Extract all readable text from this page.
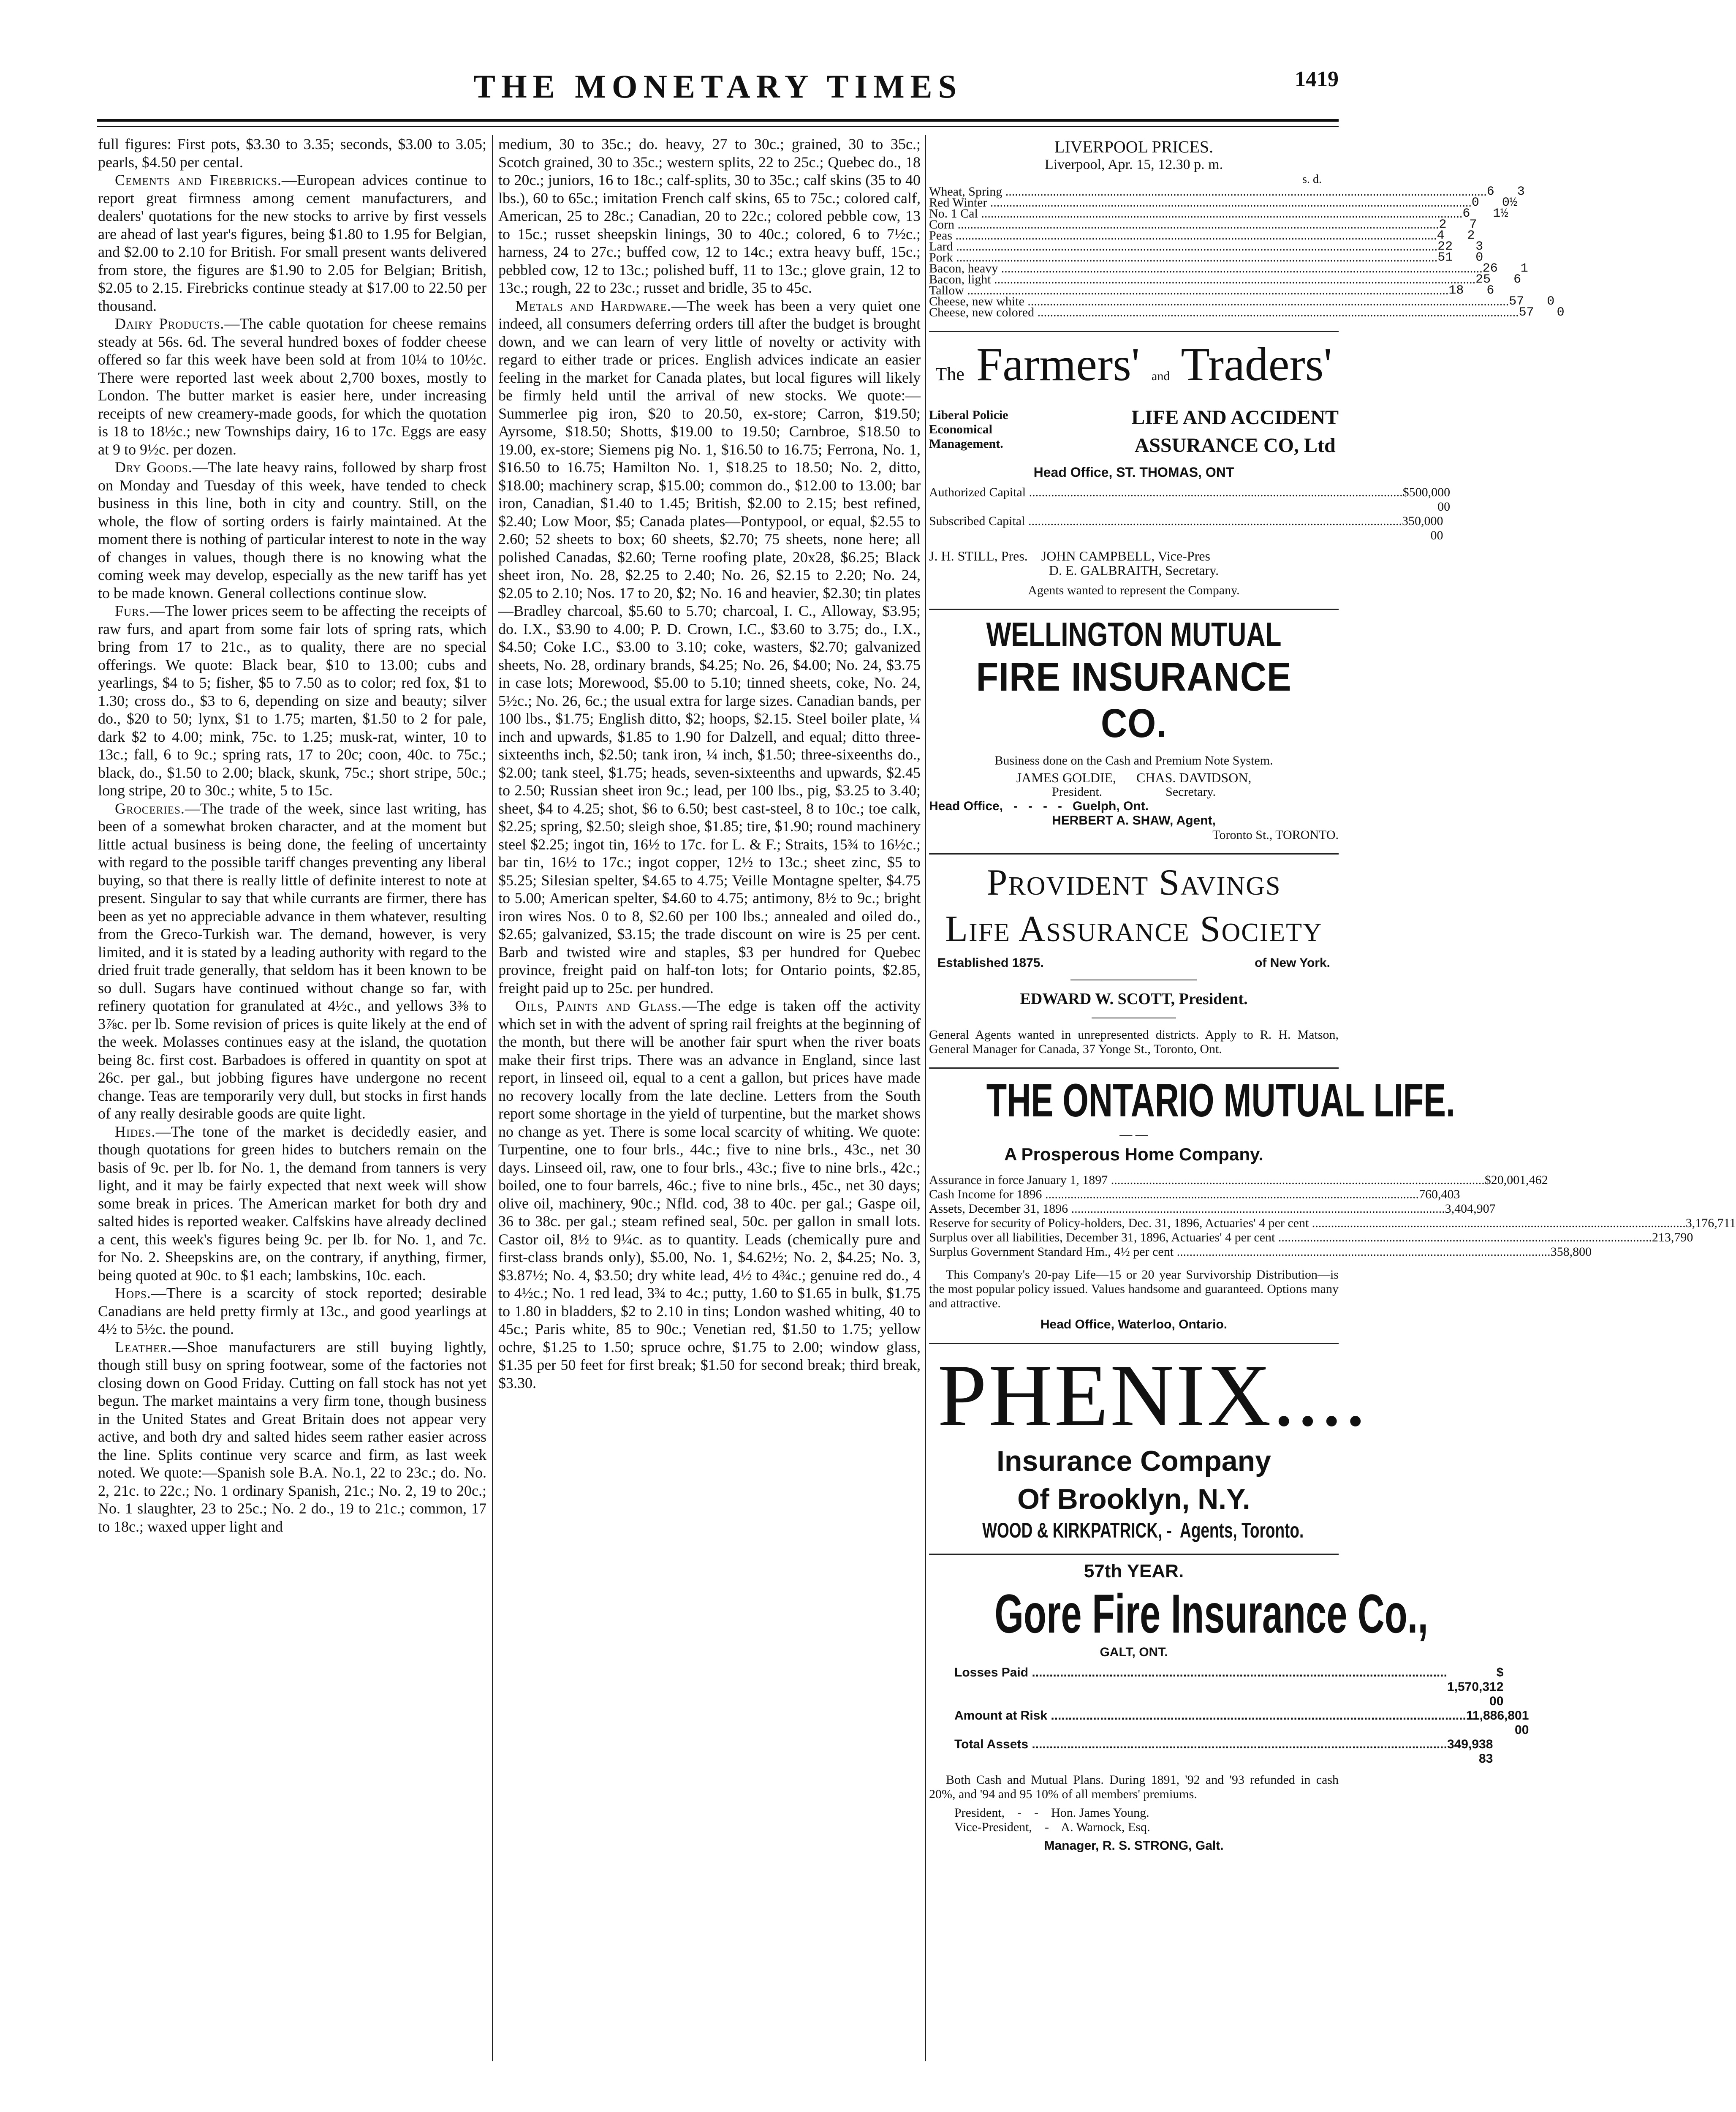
THE MONETARY TIMES	1419

full figures: First pots, $3.30 to 3.35; seconds, $3.00 to 3.05; pearls, $4.50 per cental.

Cements and Firebricks.—European advices continue to report great firmness among cement manufacturers, and dealers' quotations for the new stocks to arrive by first vessels are ahead of last year's figures, being $1.80 to 1.95 for Belgian, and $2.00 to 2.10 for British. For small present wants delivered from store, the figures are $1.90 to 2.05 for Belgian; British, $2.05 to 2.15. Firebricks continue steady at $17.00 to 22.50 per thousand.

Dairy Products.—The cable quotation for cheese remains steady at 56s. 6d. The several hundred boxes of fodder cheese offered so far this week have been sold at from 10¼ to 10½c. There were reported last week about 2,700 boxes, mostly to London. The butter market is easier here, under increasing receipts of new creamery-made goods, for which the quotation is 18 to 18½c.; new Townships dairy, 16 to 17c. Eggs are easy at 9 to 9½c. per dozen.

Dry Goods.—The late heavy rains, followed by sharp frost on Monday and Tuesday of this week, have tended to check business in this line, both in city and country. Still, on the whole, the flow of sorting orders is fairly maintained. At the moment there is nothing of particular interest to note in the way of changes in values, though there is no knowing what the coming week may develop, especially as the new tariff has yet to be made known. General collections continue slow.

Furs.—The lower prices seem to be affecting the receipts of raw furs, and apart from some fair lots of spring rats, which bring from 17 to 21c., as to quality, there are no special offerings. We quote: Black bear, $10 to 13.00; cubs and yearlings, $4 to 5; fisher, $5 to 7.50 as to color; red fox, $1 to 1.30; cross do., $3 to 6, depending on size and beauty; silver do., $20 to 50; lynx, $1 to 1.75; marten, $1.50 to 2 for pale, dark $2 to 4.00; mink, 75c. to 1.25; musk-rat, winter, 10 to 13c.; fall, 6 to 9c.; spring rats, 17 to 20c; coon, 40c. to 75c.; black, do., $1.50 to 2.00; black, skunk, 75c.; short stripe, 50c.; long stripe, 20 to 30c.; white, 5 to 15c.

Groceries.—The trade of the week, since last writing, has been of a somewhat broken character, and at the moment but little actual business is being done, the feeling of uncertainty with regard to the possible tariff changes preventing any liberal buying, so that there is really little of definite interest to note at present. Singular to say that while currants are firmer, there has been as yet no appreciable advance in them whatever, resulting from the Greco-Turkish war. The demand, however, is very limited, and it is stated by a leading authority with regard to the dried fruit trade generally, that seldom has it been known to be so dull. Sugars have continued without change so far, with refinery quotation for granulated at 4½c., and yellows 3⅜ to 3⅞c. per lb. Some revision of prices is quite likely at the end of the week. Molasses continues easy at the island, the quotation being 8c. first cost. Barbadoes is offered in quantity on spot at 26c. per gal., but jobbing figures have undergone no recent change. Teas are temporarily very dull, but stocks in first hands of any really desirable goods are quite light.

Hides.—The tone of the market is decidedly easier, and though quotations for green hides to butchers remain on the basis of 9c. per lb. for No. 1, the demand from tanners is very light, and it may be fairly expected that next week will show some break in prices. The American market for both dry and salted hides is reported weaker. Calfskins have already declined a cent, this week's figures being 9c. per lb. for No. 1, and 7c. for No. 2. Sheepskins are, on the contrary, if anything, firmer, being quoted at 90c. to $1 each; lambskins, 10c. each.

Hops.—There is a scarcity of stock reported; desirable Canadians are held pretty firmly at 13c., and good yearlings at 4½ to 5½c. the pound.

Leather.—Shoe manufacturers are still buying lightly, though still busy on spring footwear, some of the factories not closing down on Good Friday. Cutting on fall stock has not yet begun. The market maintains a very firm tone, though business in the United States and Great Britain does not appear very active, and both dry and salted hides seem rather easier across the line. Splits continue very scarce and firm, as last week noted. We quote:—Spanish sole B.A. No.1, 22 to 23c.; do. No. 2, 21c. to 22c.; No. 1 ordinary Spanish, 21c.; No. 2, 19 to 20c.; No. 1 slaughter, 23 to 25c.; No. 2 do., 19 to 21c.; common, 17 to 18c.; waxed upper light and

medium, 30 to 35c.; do. heavy, 27 to 30c.; grained, 30 to 35c.; Scotch grained, 30 to 35c.; western splits, 22 to 25c.; Quebec do., 18 to 20c.; juniors, 16 to 18c.; calf-splits, 30 to 35c.; calf skins (35 to 40 lbs.), 60 to 65c.; imitation French calf skins, 65 to 75c.; colored calf, American, 25 to 28c.; Canadian, 20 to 22c.; colored pebble cow, 13 to 15c.; russet sheepskin linings, 30 to 40c.; colored, 6 to 7½c.; harness, 24 to 27c.; buffed cow, 12 to 14c.; extra heavy buff, 15c.; pebbled cow, 12 to 13c.; polished buff, 11 to 13c.; glove grain, 12 to 13c.; rough, 22 to 23c.; russet and bridle, 35 to 45c.

Metals and Hardware.—The week has been a very quiet one indeed, all consumers deferring orders till after the budget is brought down, and we can learn of very little of novelty or activity with regard to either trade or prices. English advices indicate an easier feeling in the market for Canada plates, but local figures will likely be firmly held until the arrival of new stocks. We quote:—Summerlee pig iron, $20 to 20.50, ex-store; Carron, $19.50; Ayrsome, $18.50; Shotts, $19.00 to 19.50; Carnbroe, $18.50 to 19.00, ex-store; Siemens pig No. 1, $16.50 to 16.75; Ferrona, No. 1, $16.50 to 16.75; Hamilton No. 1, $18.25 to 18.50; No. 2, ditto, $18.00; machinery scrap, $15.00; common do., $12.00 to 13.00; bar iron, Canadian, $1.40 to 1.45; British, $2.00 to 2.15; best refined, $2.40; Low Moor, $5; Canada plates—Pontypool, or equal, $2.55 to 2.60; 52 sheets to box; 60 sheets, $2.70; 75 sheets, none here; all polished Canadas, $2.60; Terne roofing plate, 20x28, $6.25; Black sheet iron, No. 28, $2.25 to 2.40; No. 26, $2.15 to 2.20; No. 24, $2.05 to 2.10; Nos. 17 to 20, $2; No. 16 and heavier, $2.30; tin plates—Bradley charcoal, $5.60 to 5.70; charcoal, I. C., Alloway, $3.95; do. I.X., $3.90 to 4.00; P. D. Crown, I.C., $3.60 to 3.75; do., I.X., $4.50; Coke I.C., $3.00 to 3.10; coke, wasters, $2.70; galvanized sheets, No. 28, ordinary brands, $4.25; No. 26, $4.00; No. 24, $3.75 in case lots; Morewood, $5.00 to 5.10; tinned sheets, coke, No. 24, 5½c.; No. 26, 6c.; the usual extra for large sizes. Canadian bands, per 100 lbs., $1.75; English ditto, $2; hoops, $2.15. Steel boiler plate, ¼ inch and upwards, $1.85 to 1.90 for Dalzell, and equal; ditto three-sixteenths inch, $2.50; tank iron, ¼ inch, $1.50; three-sixeenths do., $2.00; tank steel, $1.75; heads, seven-sixteenths and upwards, $2.45 to 2.50; Russian sheet iron 9c.; lead, per 100 lbs., pig, $3.25 to 3.40; sheet, $4 to 4.25; shot, $6 to 6.50; best cast-steel, 8 to 10c.; toe calk, $2.25; spring, $2.50; sleigh shoe, $1.85; tire, $1.90; round machinery steel $2.25; ingot tin, 16½ to 17c. for L. & F.; Straits, 15¾ to 16½c.; bar tin, 16½ to 17c.; ingot copper, 12½ to 13c.; sheet zinc, $5 to $5.25; Silesian spelter, $4.65 to 4.75; Veille Montagne spelter, $4.75 to 5.00; American spelter, $4.60 to 4.75; antimony, 8½ to 9c.; bright iron wires Nos. 0 to 8, $2.60 per 100 lbs.; annealed and oiled do., $2.65; galvanized, $3.15; the trade discount on wire is 25 per cent. Barb and twisted wire and staples, $3 per hundred for Quebec province, freight paid on half-ton lots; for Ontario points, $2.85, freight paid up to 25c. per hundred.

Oils, Paints and Glass.—The edge is taken off the activity which set in with the advent of spring rail freights at the beginning of the month, but there will be another fair spurt when the river boats make their first trips. There was an advance in England, since last report, in linseed oil, equal to a cent a gallon, but prices have made no recovery locally from the late decline. Letters from the South report some shortage in the yield of turpentine, but the market shows no change as yet. There is some local scarcity of whiting. We quote: Turpentine, one to four brls., 44c.; five to nine brls., 43c., net 30 days. Linseed oil, raw, one to four brls., 43c.; five to nine brls., 42c.; boiled, one to four barrels, 46c.; five to nine brls., 45c., net 30 days; olive oil, machinery, 90c.; Nfld. cod, 38 to 40c. per gal.; Gaspe oil, 36 to 38c. per gal.; steam refined seal, 50c. per gallon in small lots. Castor oil, 8½ to 9¼c. as to quantity. Leads (chemically pure and first-class brands only), $5.00, No. 1, $4.62½; No. 2, $4.25; No. 3, $3.87½; No. 4, $3.50; dry white lead, 4½ to 4¾c.; genuine red do., 4 to 4½c.; No. 1 red lead, 3¾ to 4c.; putty, 1.60 to $1.65 in bulk, $1.75 to 1.80 in bladders, $2 to 2.10 in tins; London washed whiting, 40 to 45c.; Paris white, 85 to 90c.; Venetian red, $1.50 to 1.75; yellow ochre, $1.25 to 1.50; spruce ochre, $1.75 to 2.00; window glass, $1.35 per 50 feet for first break; $1.50 for second break; third break, $3.30.

LIVERPOOL PRICES.
Liverpool, Apr. 15, 12.30 p. m.
s. d.
Wheat, Spring .....	6   3
Red Winter .....	0   0½
No. 1 Cal .....	6   1½
Corn .....	2   7
Peas .....	4   2
Lard .....	22   3
Pork .....	51   0
Bacon, heavy .....	26   1
Bacon, light .....	25   6
Tallow .....	18   6
Cheese, new white .....	57   0
Cheese, new colored .....	57   0
The Farmers' and Traders'
Liberal Policie
Economical
Management.
LIFE AND ACCIDENT
ASSURANCE CO, Ltd
Head Office, ST. THOMAS, ONT
Authorized Capital .....	$500,000 00
Subscribed Capital .....	350,000 00
J. H. STILL, Pres.    JOHN CAMPBELL, Vice-Pres
D. E. GALBRAITH, Secretary.
Agents wanted to represent the Company.
WELLINGTON MUTUAL
FIRE INSURANCE CO.
Business done on the Cash and Premium Note System.
JAMES GOLDIE,      CHAS. DAVIDSON,
President.                    Secretary.
Head Office,   -   -   -   -   Guelph, Ont.
HERBERT A. SHAW, Agent,
Toronto St., TORONTO.
Provident Savings
Life Assurance Society
Established 1875.	of New York.
EDWARD W. SCOTT, President.
General Agents wanted in unrepresented districts. Apply to R. H. Matson, General Manager for Canada, 37 Yonge St., Toronto, Ont.
THE ONTARIO MUTUAL LIFE.
— —
A Prosperous Home Company.
Assurance in force January 1, 1897 .....	$20,001,462
Cash Income for 1896 .....	760,403
Assets, December 31, 1896 .....	3,404,907
Reserve for security of Policy-holders, Dec. 31, 1896, Actuaries' 4 per cent .....	3,176,711
Surplus over all liabilities, December 31, 1896, Actuaries' 4 per cent .....	213,790
Surplus Government Standard Hm., 4½ per cent .....	358,800
This Company's 20-pay Life—15 or 20 year Survivorship Distribution—is the most popular policy issued. Values handsome and guaranteed. Options many and attractive.
Head Office, Waterloo, Ontario.
PHENIX....
Insurance Company
Of Brooklyn, N.Y.
WOOD & KIRKPATRICK, -  Agents, Toronto.
57th YEAR.
Gore Fire Insurance Co.,
GALT, ONT.
Losses Paid .....	$ 1,570,312 00
Amount at Risk .....	11,886,801 00
Total Assets .....	349,938 83
Both Cash and Mutual Plans. During 1891, '92 and '93 refunded in cash 20%, and '94 and 95 10% of all members' premiums.
President,    -    -    Hon. James Young.
Vice-President,    -    A. Warnock, Esq.
Manager, R. S. STRONG, Galt.
